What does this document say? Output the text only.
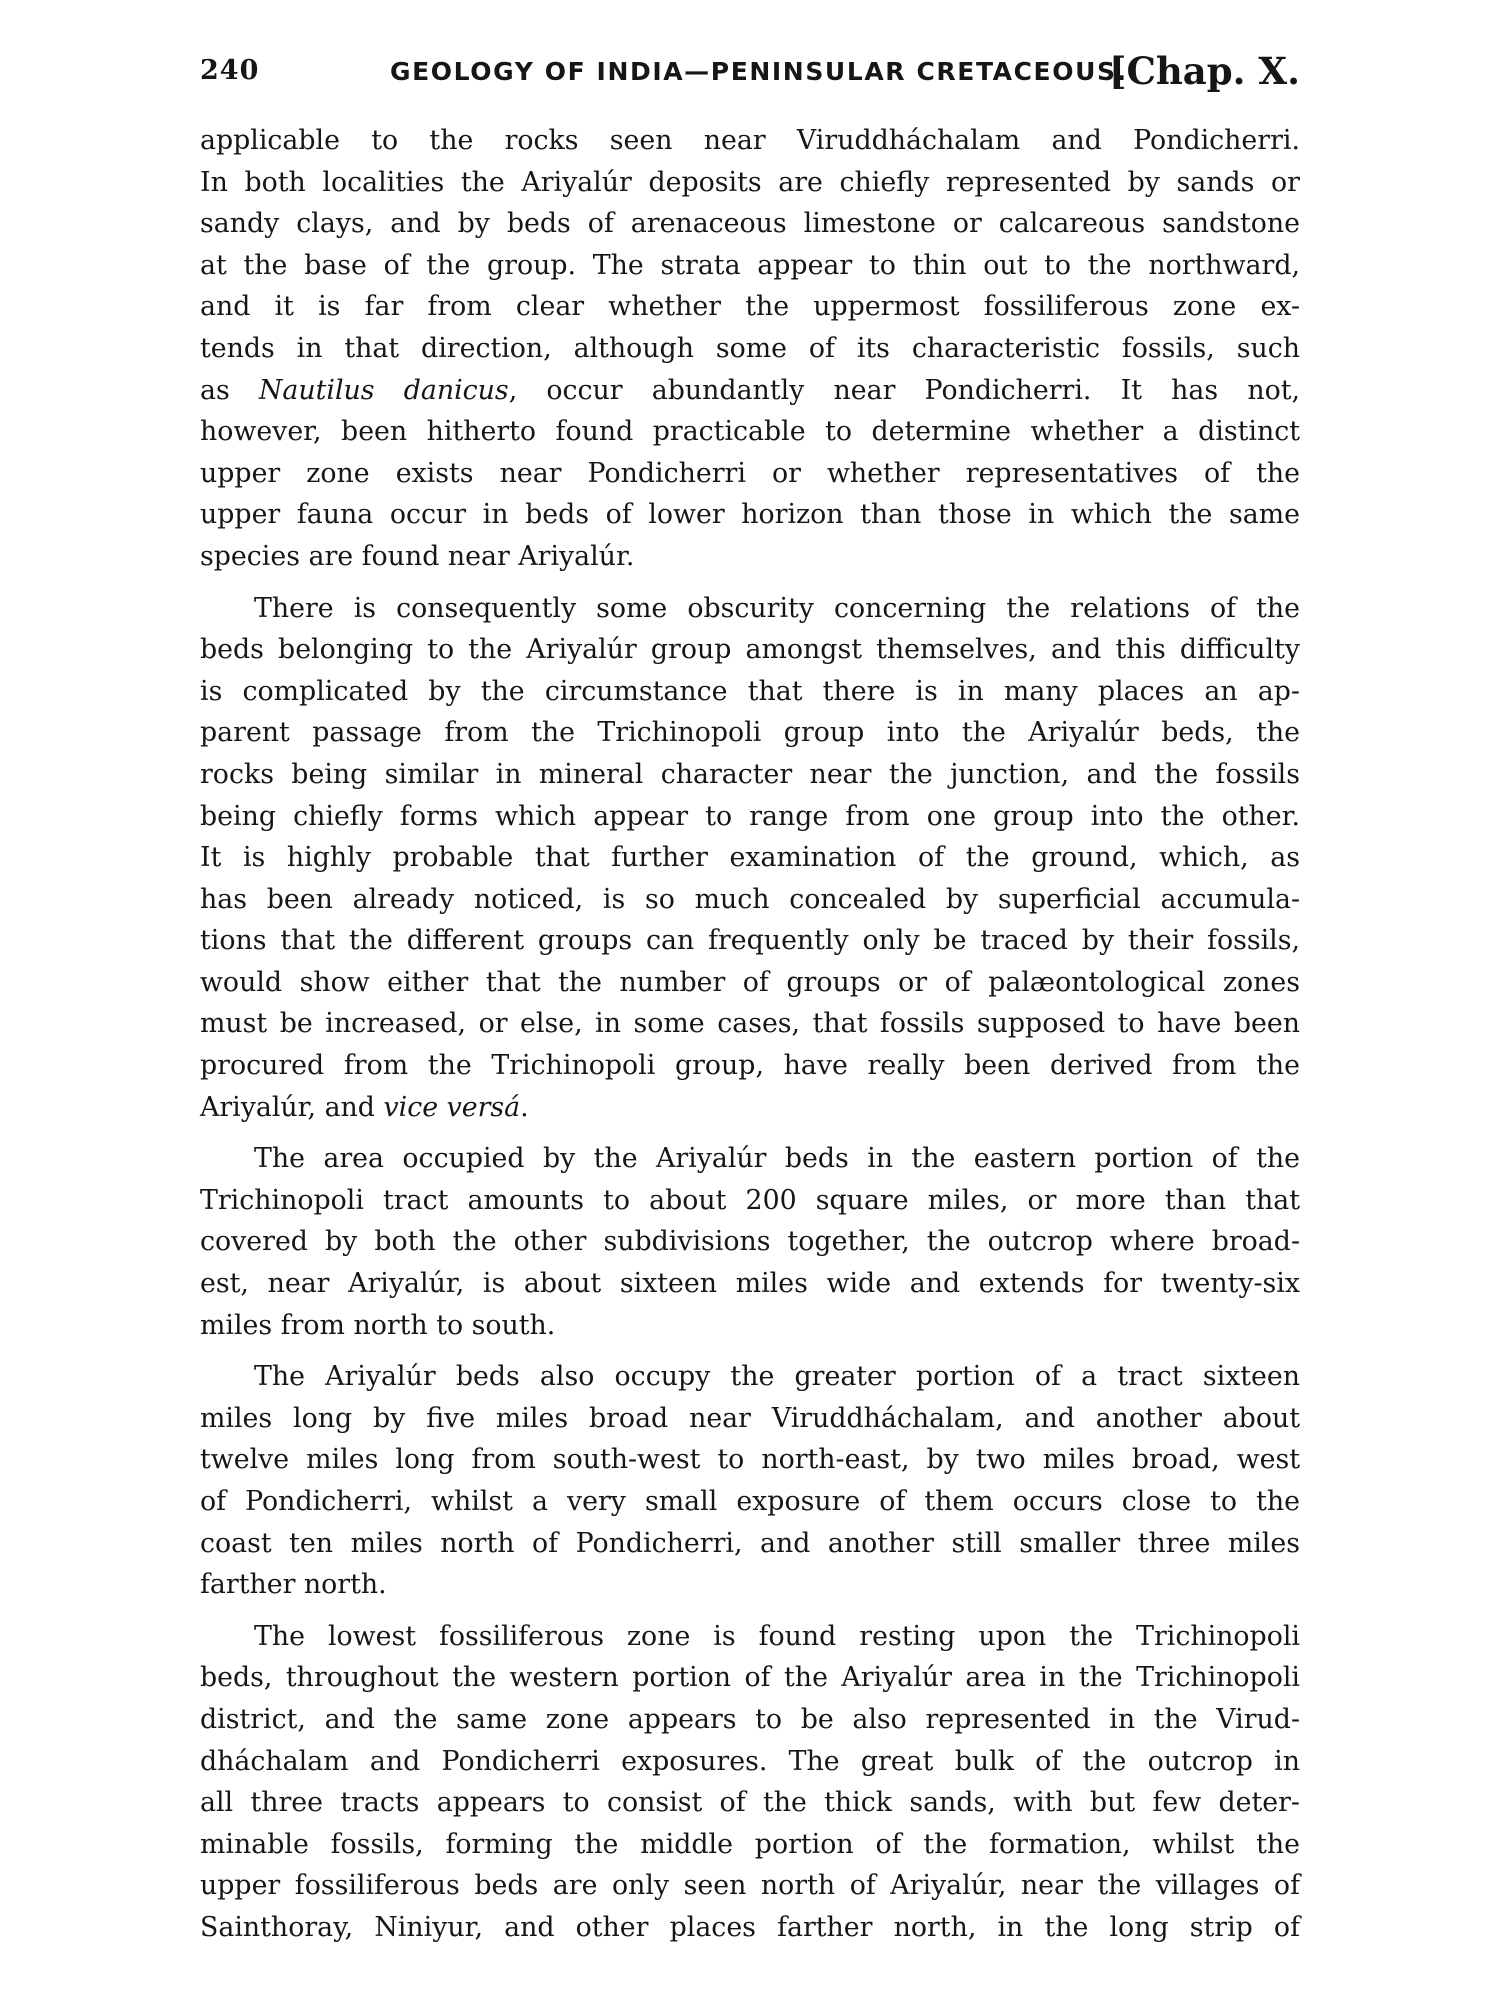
240	GEOLOGY OF INDIA—PENINSULAR CRETACEOUS.
[Chap. X.
applicable to the rocks seen near Viruddháchalam and Pondicherri.
In both localities the Ariyalúr deposits are chiefly represented by sands or
sandy clays, and by beds of arenaceous limestone or calcareous sandstone
at the base of the group. The strata appear to thin out to the northward,
and it is far from clear whether the uppermost fossiliferous zone ex-
tends in that direction, although some of its characteristic fossils, such
as Nautilus danicus, occur abundantly near Pondicherri. It has not,
however, been hitherto found practicable to determine whether a distinct
upper zone exists near Pondicherri or whether representatives of the
upper fauna occur in beds of lower horizon than those in which the same
species are found near Ariyalúr.
There is consequently some obscurity concerning the relations of the
beds belonging to the Ariyalúr group amongst themselves, and this difficulty
is complicated by the circumstance that there is in many places an ap-
parent passage from the Trichinopoli group into the Ariyalúr beds, the
rocks being similar in mineral character near the junction, and the fossils
being chiefly forms which appear to range from one group into the other.
It is highly probable that further examination of the ground, which, as
has been already noticed, is so much concealed by superficial accumula-
tions that the different groups can frequently only be traced by their fossils,
would show either that the number of groups or of palæontological zones
must be increased, or else, in some cases, that fossils supposed to have been
procured from the Trichinopoli group, have really been derived from the
Ariyalúr, and vice versá.
The area occupied by the Ariyalúr beds in the eastern portion of the
Trichinopoli tract amounts to about 200 square miles, or more than that
covered by both the other subdivisions together, the outcrop where broad-
est, near Ariyalúr, is about sixteen miles wide and extends for twenty-six
miles from north to south.
The Ariyalúr beds also occupy the greater portion of a tract sixteen
miles long by five miles broad near Viruddháchalam, and another about
twelve miles long from south-west to north-east, by two miles broad, west
of Pondicherri, whilst a very small exposure of them occurs close to the
coast ten miles north of Pondicherri, and another still smaller three miles
farther north.
The lowest fossiliferous zone is found resting upon the Trichinopoli
beds, throughout the western portion of the Ariyalúr area in the Trichinopoli
district, and the same zone appears to be also represented in the Virud-
dháchalam and Pondicherri exposures. The great bulk of the outcrop in
all three tracts appears to consist of the thick sands, with but few deter-
minable fossils, forming the middle portion of the formation, whilst the
upper fossiliferous beds are only seen north of Ariyalúr, near the villages of
Sainthoray, Niniyur, and other places farther north, in the long strip of
